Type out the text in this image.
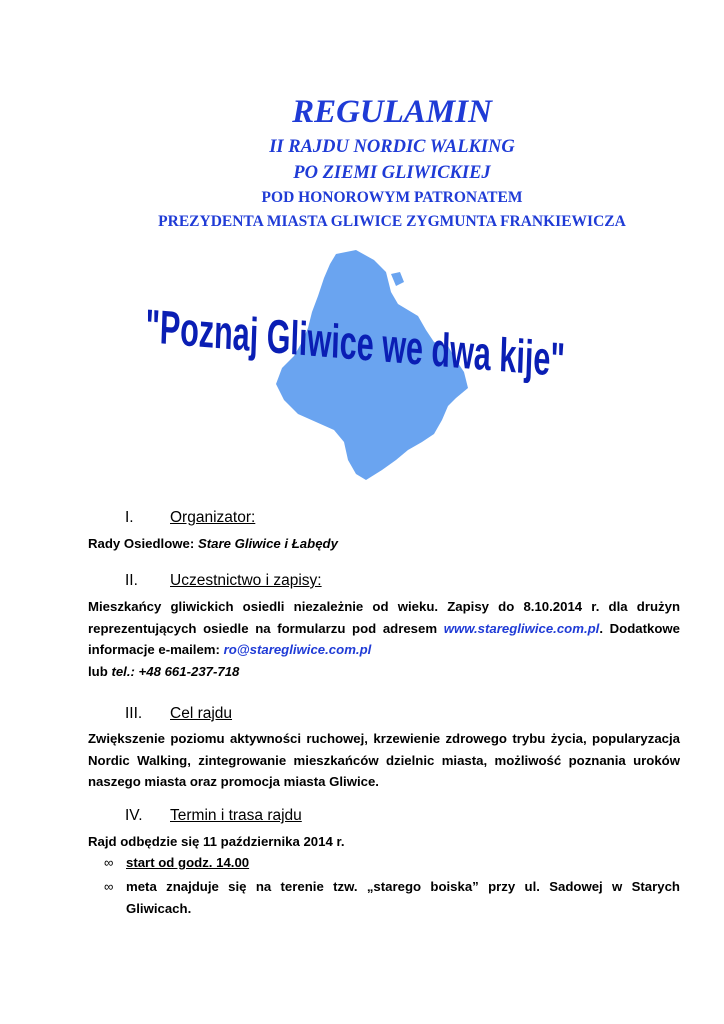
REGULAMIN
II RAJDU NORDIC WALKING
PO ZIEMI GLIWICKIEJ
POD HONOROWYM PATRONATEM
PREZYDENTA MIASTA GLIWICE ZYGMUNTA FRANKIEWICZA
"Poznaj Gliwice we dwa kije"
I. Organizator:
Rady Osiedlowe: Stare Gliwice i Łabędy
II. Uczestnictwo i zapisy:
Mieszkańcy gliwickich osiedli niezależnie od wieku. Zapisy do 8.10.2014 r. dla drużyn reprezentujących osiedle na formularzu pod adresem www.staregliwice.com.pl. Dodatkowe informacje e-mailem: ro@staregliwice.com.pl
lub tel.: +48 661-237-718
III. Cel rajdu
Zwiększenie poziomu aktywności ruchowej, krzewienie zdrowego trybu życia, popularyzacja Nordic Walking, zintegrowanie mieszkańców dzielnic miasta, możliwość poznania uroków naszego miasta oraz promocja miasta Gliwice.
IV. Termin i trasa rajdu
Rajd odbędzie się 11 października 2014 r.
∞ start od godz. 14.00
∞ meta znajduje się na terenie tzw. „starego boiska” przy ul. Sadowej w Starych Gliwicach.
